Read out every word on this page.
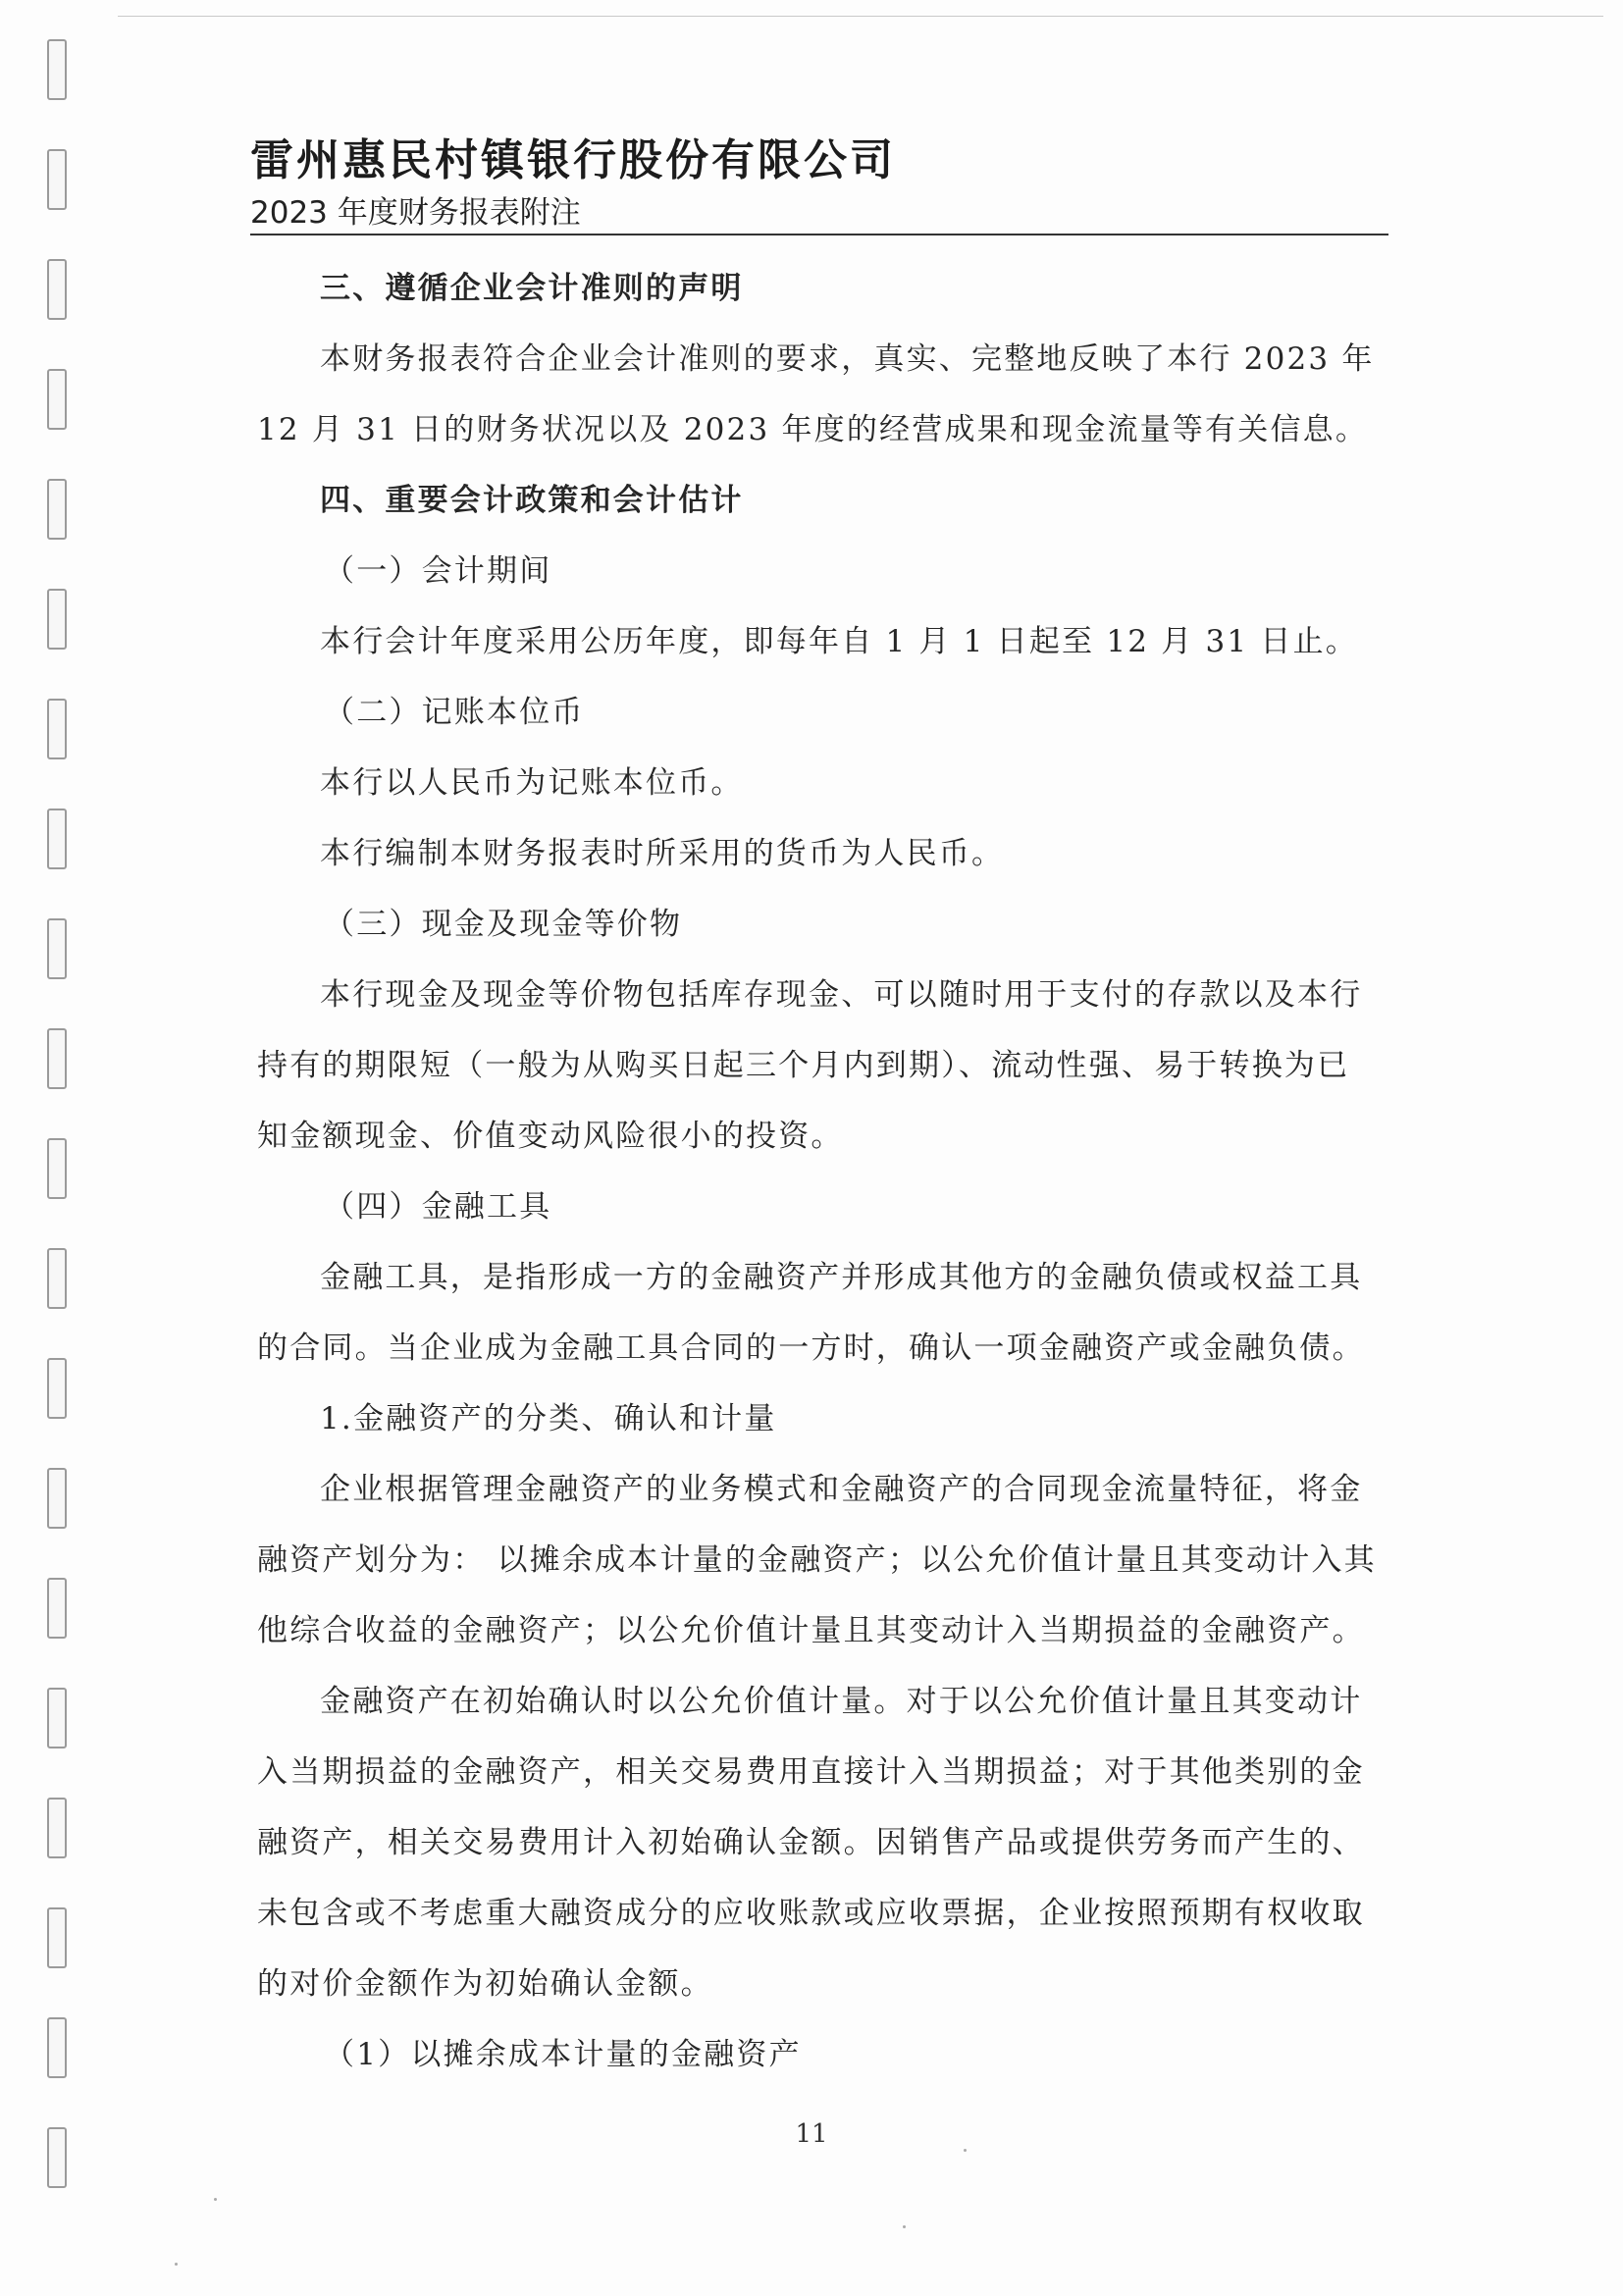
雷州惠民村镇银行股份有限公司
2023 年度财务报表附注

三、遵循企业会计准则的声明

本财务报表符合企业会计准则的要求，真实、完整地反映了本行 2023 年

12 月 31 日的财务状况以及 2023 年度的经营成果和现金流量等有关信息。

四、重要会计政策和会计估计

（一）会计期间

本行会计年度采用公历年度，即每年自 1 月 1 日起至 12 月 31 日止。

（二）记账本位币

本行以人民币为记账本位币。

本行编制本财务报表时所采用的货币为人民币。

（三）现金及现金等价物

本行现金及现金等价物包括库存现金、可以随时用于支付的存款以及本行

持有的期限短（一般为从购买日起三个月内到期）、流动性强、易于转换为已

知金额现金、价值变动风险很小的投资。

（四）金融工具

金融工具，是指形成一方的金融资产并形成其他方的金融负债或权益工具

的合同。当企业成为金融工具合同的一方时，确认一项金融资产或金融负债。

1.金融资产的分类、确认和计量

企业根据管理金融资产的业务模式和金融资产的合同现金流量特征，将金

融资产划分为： 以摊余成本计量的金融资产；以公允价值计量且其变动计入其

他综合收益的金融资产；以公允价值计量且其变动计入当期损益的金融资产。

金融资产在初始确认时以公允价值计量。对于以公允价值计量且其变动计

入当期损益的金融资产，相关交易费用直接计入当期损益；对于其他类别的金

融资产，相关交易费用计入初始确认金额。因销售产品或提供劳务而产生的、

未包含或不考虑重大融资成分的应收账款或应收票据，企业按照预期有权收取

的对价金额作为初始确认金额。

（1）以摊余成本计量的金融资产

11
